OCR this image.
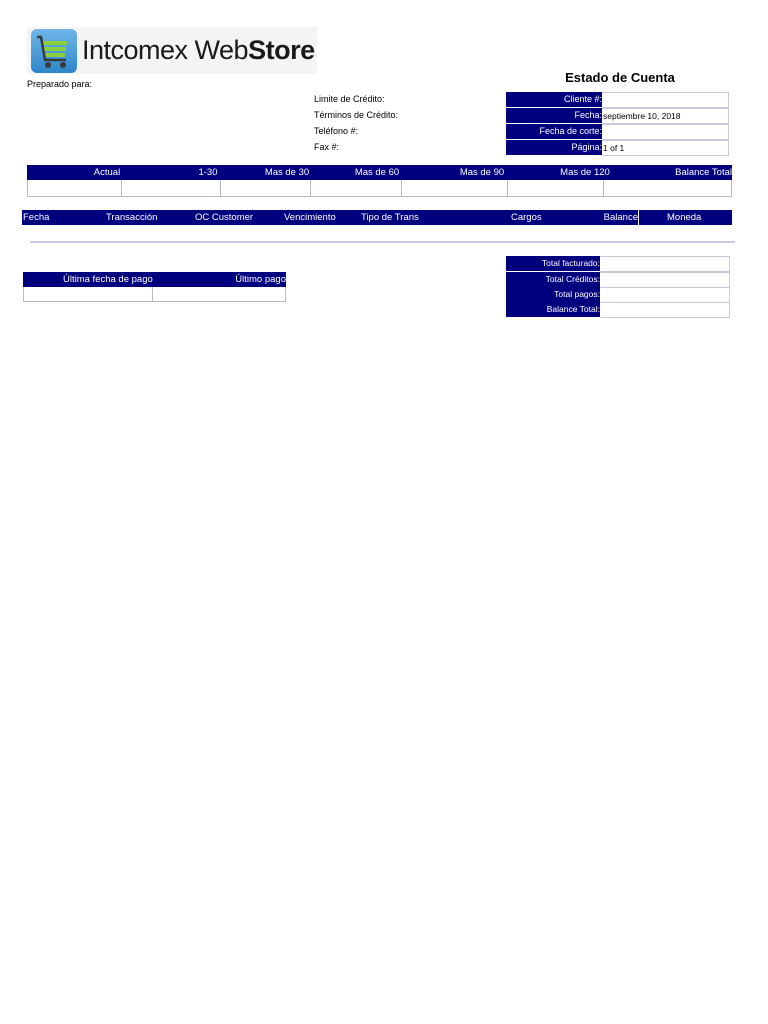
Intcomex WebStore
Preparado para:	Estado de Cuenta
Limite de Crédito:
Términos de Crédito:
Teléfono #:
Fax #:
Cliente #:
Fecha: septiembre 10, 2018
Fecha de corte:
Página: 1 of 1
Actual	1-30	Mas de 30	Mas de 60	Mas de 90	Mas de 120	Balance Total
Fecha	Transacción	OC Customer	Vencimiento	Tipo de Trans	Cargos	Balance	Moneda
Última fecha de pago	Último pago
Total facturado:
Total Créditos:
Total pagos:
Balance Total:
